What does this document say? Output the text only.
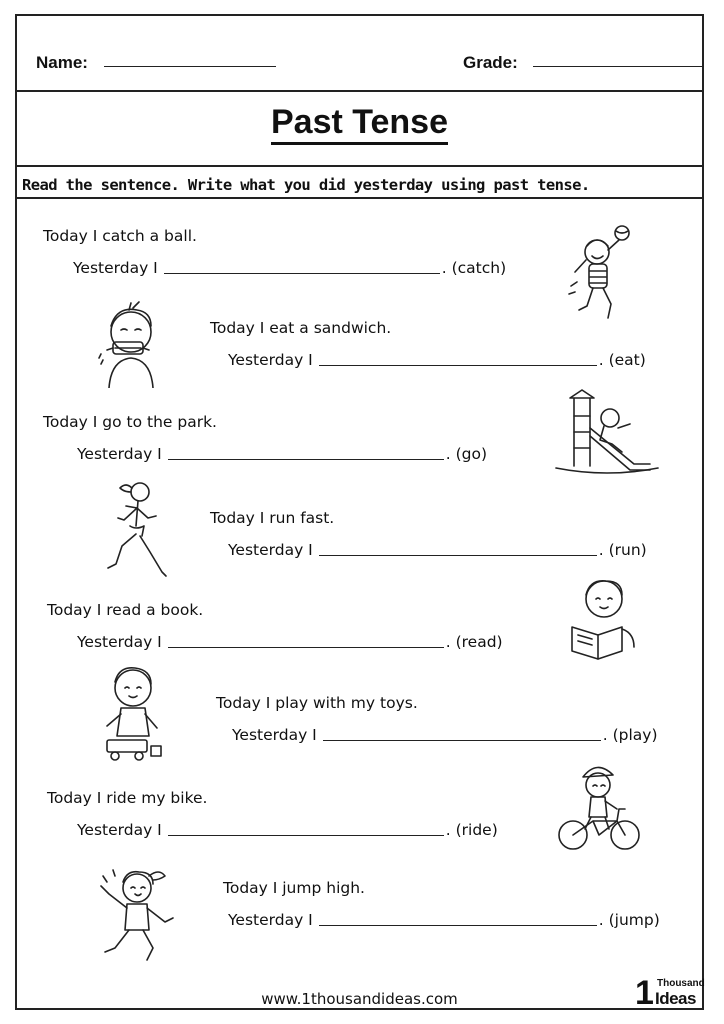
Name:	Grade:
Past Tense
Read the sentence. Write what you did yesterday using past tense.
Today I catch a ball.
Yesterday I	. (catch)
Today I eat a sandwich.
Yesterday I	. (eat)
Today I go to the park.
Yesterday I	. (go)
Today I run fast.
Yesterday I	. (run)
Today I read a book.
Yesterday I	. (read)
Today I play with my toys.
Yesterday I	. (play)
Today I ride my bike.
Yesterday I	. (ride)
Today I jump high.
Yesterday I	. (jump)
www.1thousandideas.com	1 Thousand
Ideas
